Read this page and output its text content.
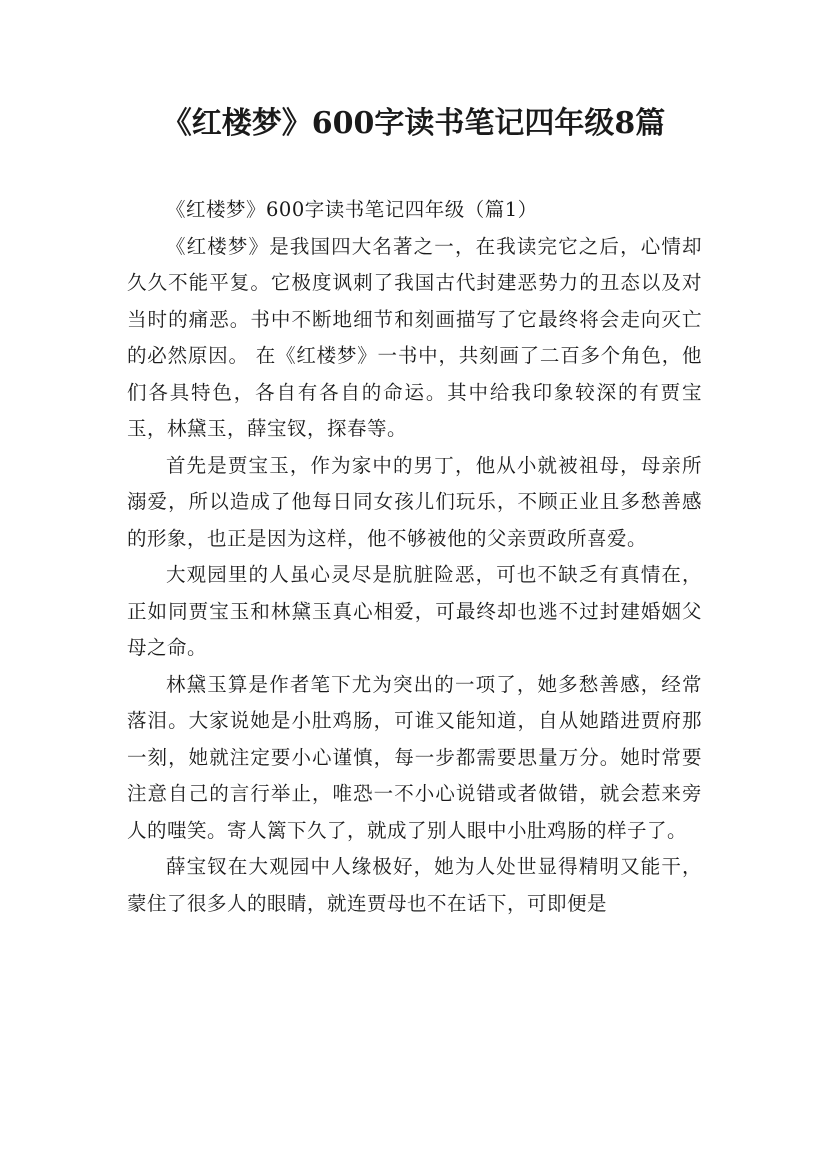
《红楼梦》600字读书笔记四年级8篇

《红楼梦》600字读书笔记四年级（篇1）

《红楼梦》是我国四大名著之一，在我读完它之后，心情却久久不能平复。它极度讽刺了我国古代封建恶势力的丑态以及对当时的痛恶。书中不断地细节和刻画描写了它最终将会走向灭亡的必然原因。 在《红楼梦》一书中，共刻画了二百多个角色，他们各具特色，各自有各自的命运。其中给我印象较深的有贾宝玉，林黛玉，薛宝钗，探春等。

首先是贾宝玉，作为家中的男丁，他从小就被祖母，母亲所溺爱，所以造成了他每日同女孩儿们玩乐，不顾正业且多愁善感的形象，也正是因为这样，他不够被他的父亲贾政所喜爱。

大观园里的人虽心灵尽是肮脏险恶，可也不缺乏有真情在，正如同贾宝玉和林黛玉真心相爱，可最终却也逃不过封建婚姻父母之命。

林黛玉算是作者笔下尤为突出的一项了，她多愁善感，经常落泪。大家说她是小肚鸡肠，可谁又能知道，自从她踏进贾府那一刻，她就注定要小心谨慎，每一步都需要思量万分。她时常要注意自己的言行举止，唯恐一不小心说错或者做错，就会惹来旁人的嗤笑。寄人篱下久了，就成了别人眼中小肚鸡肠的样子了。

薛宝钗在大观园中人缘极好，她为人处世显得精明又能干，蒙住了很多人的眼睛，就连贾母也不在话下，可即便是
